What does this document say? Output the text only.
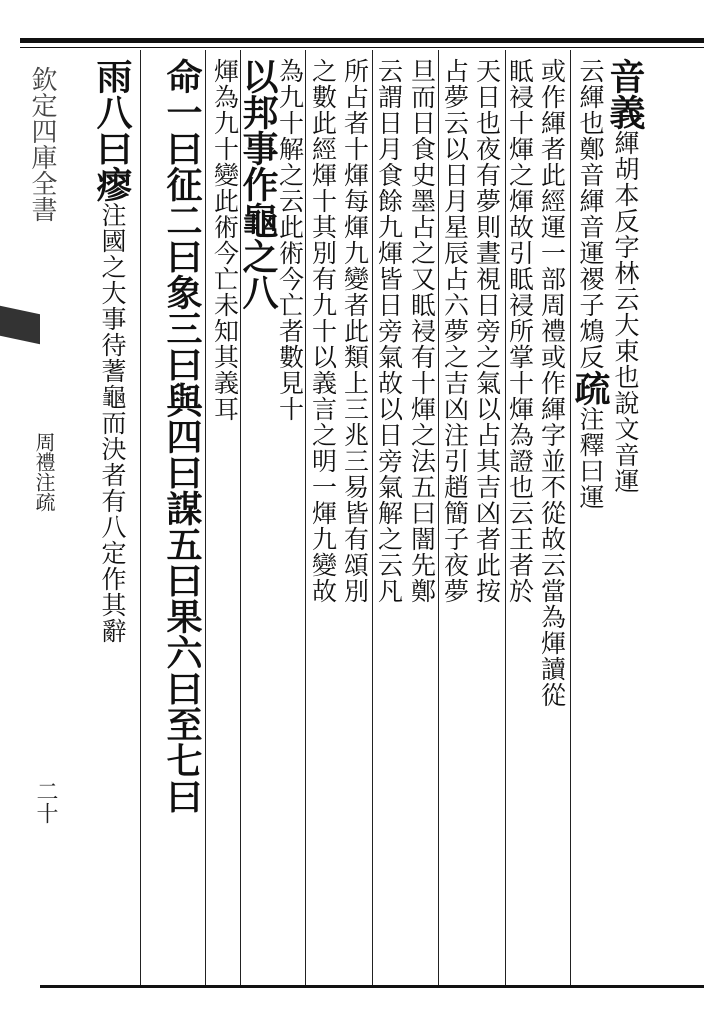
欽定四庫全書
周禮注疏
二十
音義緷胡本反字林云大束也說文音運
云緷也鄭音緷音運禝子鴆反疏注釋曰運
或作緷者此經運一部周禮或作緷字並不從故云當為煇讀從
眡祲十煇之煇故引眡祲所掌十煇為證也云王者於
天日也夜有夢則晝視日旁之氣以占其吉凶者此按
占夢云以日月星辰占六夢之吉凶注引趙簡子夜夢
旦而日食史墨占之又眡祲有十煇之法五曰闇先鄭
云謂日月食餘九煇皆日旁氣故以日旁氣解之云凡
所占者十煇每煇九變者此類上三兆三易皆有頌別
之數此經煇十其別有九十以義言之明一煇九變故
為九十解之云此術今亡者數見十
以邦事作龜之八
煇為九十變此術今亡未知其義耳
命一曰征二曰象三曰與四曰謀五曰果六曰至七曰
雨八曰瘳注國之大事待蓍龜而決者有八定作其辭
